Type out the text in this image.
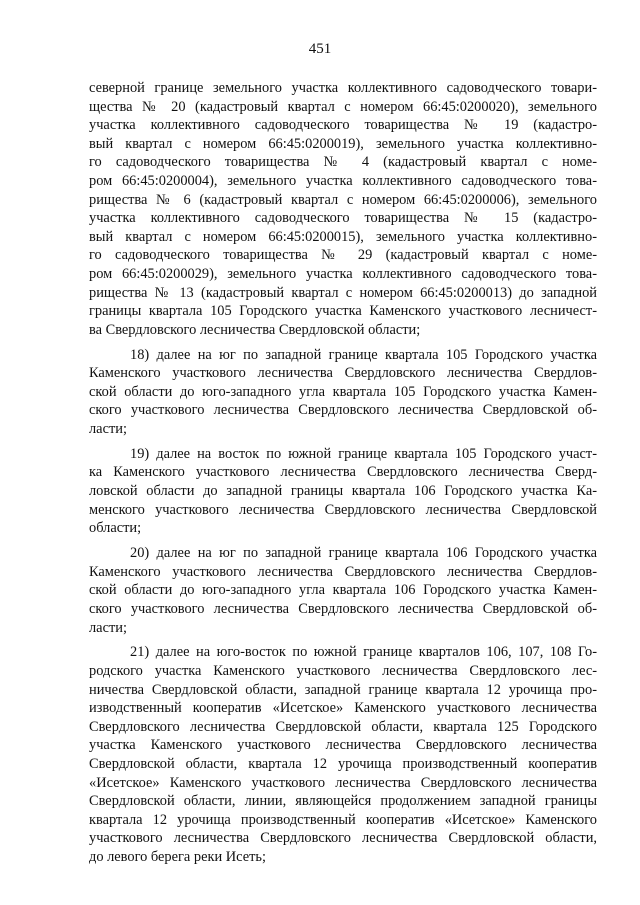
451

северной границе земельного участка коллективного садоводческого товари-
щества № 20 (кадастровый квартал с номером 66:45:0200020), земельного
участка коллективного садоводческого товарищества № 19 (кадастро-
вый квартал с номером 66:45:0200019), земельного участка коллективно-
го садоводческого товарищества № 4 (кадастровый квартал с номе-
ром 66:45:0200004), земельного участка коллективного садоводческого това-
рищества № 6 (кадастровый квартал с номером 66:45:0200006), земельного
участка коллективного садоводческого товарищества № 15 (кадастро-
вый квартал с номером 66:45:0200015), земельного участка коллективно-
го садоводческого товарищества № 29 (кадастровый квартал с номе-
ром 66:45:0200029), земельного участка коллективного садоводческого това-
рищества № 13 (кадастровый квартал с номером 66:45:0200013) до западной
границы квартала 105 Городского участка Каменского участкового лесничест-
ва Свердловского лесничества Свердловской области;

18) далее на юг по западной границе квартала 105 Городского участка
Каменского участкового лесничества Свердловского лесничества Свердлов-
ской области до юго-западного угла квартала 105 Городского участка Камен-
ского участкового лесничества Свердловского лесничества Свердловской об-
ласти;

19) далее на восток по южной границе квартала 105 Городского участ-
ка Каменского участкового лесничества Свердловского лесничества Сверд-
ловской области до западной границы квартала 106 Городского участка Ка-
менского участкового лесничества Свердловского лесничества Свердловской
области;

20) далее на юг по западной границе квартала 106 Городского участка
Каменского участкового лесничества Свердловского лесничества Свердлов-
ской области до юго-западного угла квартала 106 Городского участка Камен-
ского участкового лесничества Свердловского лесничества Свердловской об-
ласти;

21) далее на юго-восток по южной границе кварталов 106, 107, 108 Го-
родского участка Каменского участкового лесничества Свердловского лес-
ничества Свердловской области, западной границе квартала 12 урочища про-
изводственный кооператив «Исетское» Каменского участкового лесничества
Свердловского лесничества Свердловской области, квартала 125 Городского
участка Каменского участкового лесничества Свердловского лесничества
Свердловской области, квартала 12 урочища производственный кооператив
«Исетское» Каменского участкового лесничества Свердловского лесничества
Свердловской области, линии, являющейся продолжением западной границы
квартала 12 урочища производственный кооператив «Исетское» Каменского
участкового лесничества Свердловского лесничества Свердловской области,
до левого берега реки Исеть;
